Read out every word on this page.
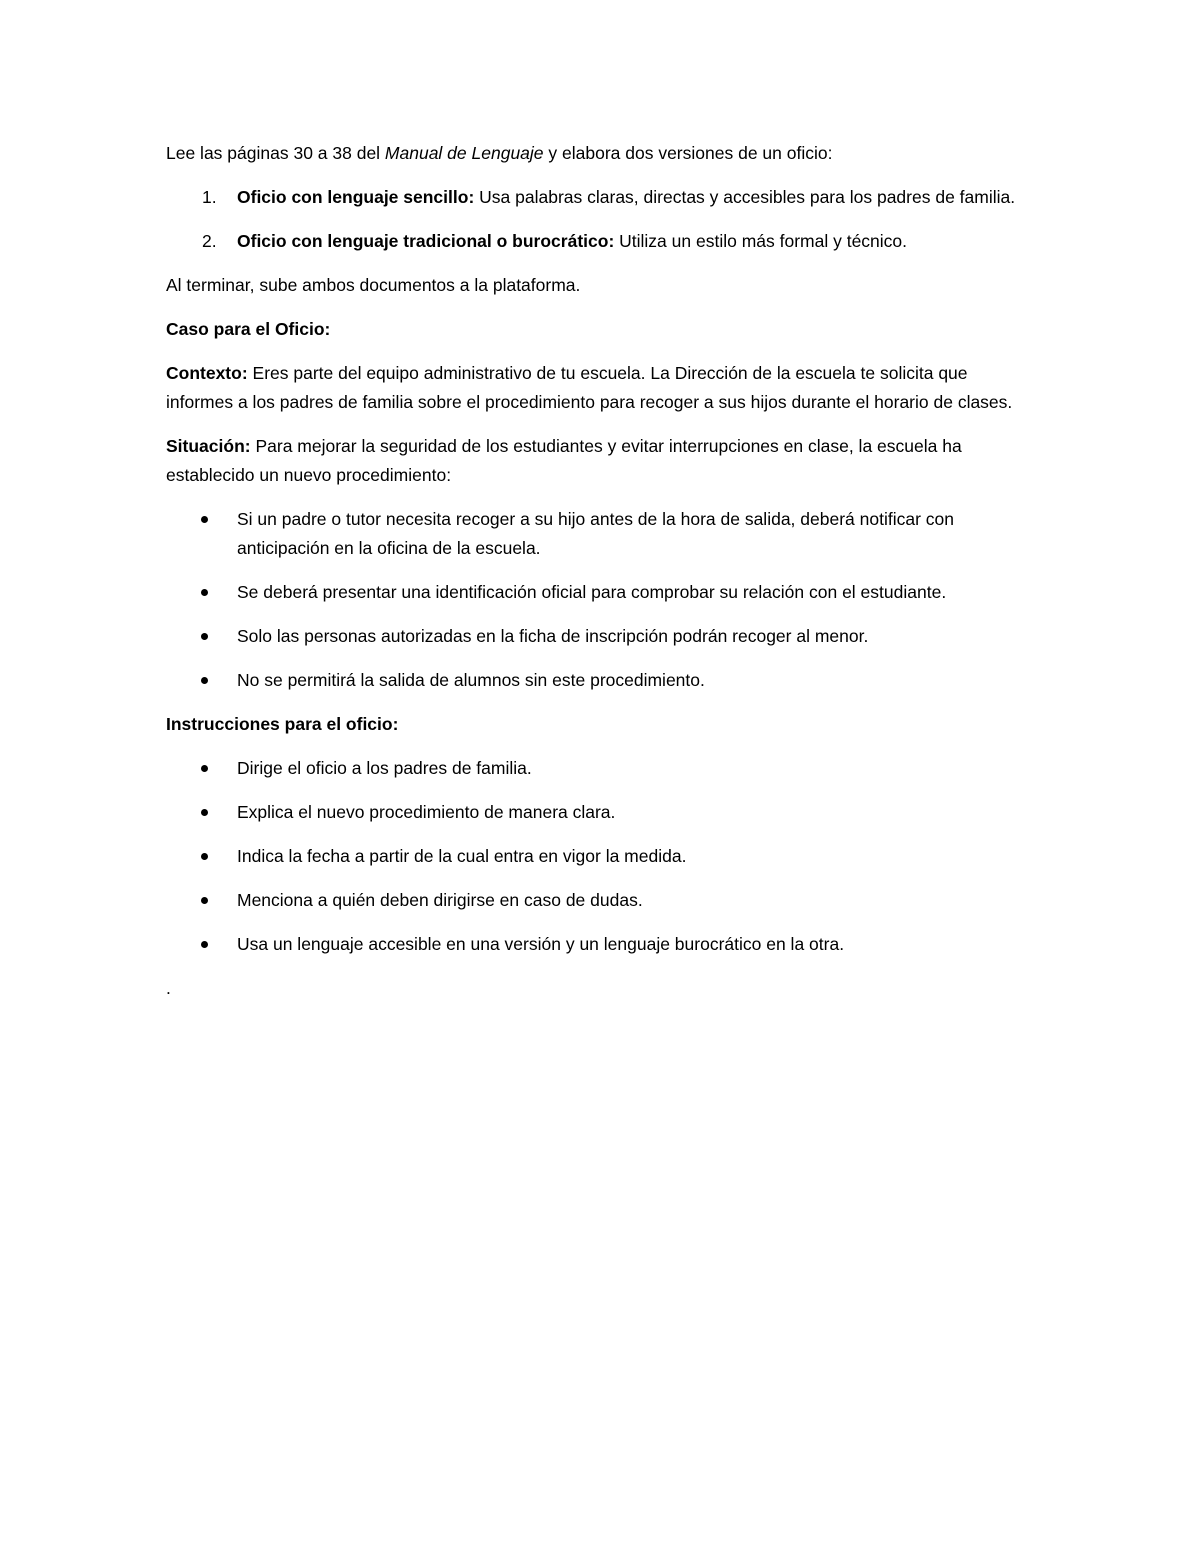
Lee las páginas 30 a 38 del Manual de Lenguaje y elabora dos versiones de un oficio:

1. Oficio con lenguaje sencillo: Usa palabras claras, directas y accesibles para los padres de familia.
2. Oficio con lenguaje tradicional o burocrático: Utiliza un estilo más formal y técnico.

Al terminar, sube ambos documentos a la plataforma.

Caso para el Oficio:

Contexto: Eres parte del equipo administrativo de tu escuela. La Dirección de la escuela te solicita que informes a los padres de familia sobre el procedimiento para recoger a sus hijos durante el horario de clases.

Situación: Para mejorar la seguridad de los estudiantes y evitar interrupciones en clase, la escuela ha establecido un nuevo procedimiento:

Si un padre o tutor necesita recoger a su hijo antes de la hora de salida, deberá notificar con anticipación en la oficina de la escuela.
Se deberá presentar una identificación oficial para comprobar su relación con el estudiante.
Solo las personas autorizadas en la ficha de inscripción podrán recoger al menor.
No se permitirá la salida de alumnos sin este procedimiento.

Instrucciones para el oficio:

Dirige el oficio a los padres de familia.
Explica el nuevo procedimiento de manera clara.
Indica la fecha a partir de la cual entra en vigor la medida.
Menciona a quién deben dirigirse en caso de dudas.
Usa un lenguaje accesible en una versión y un lenguaje burocrático en la otra.

.
